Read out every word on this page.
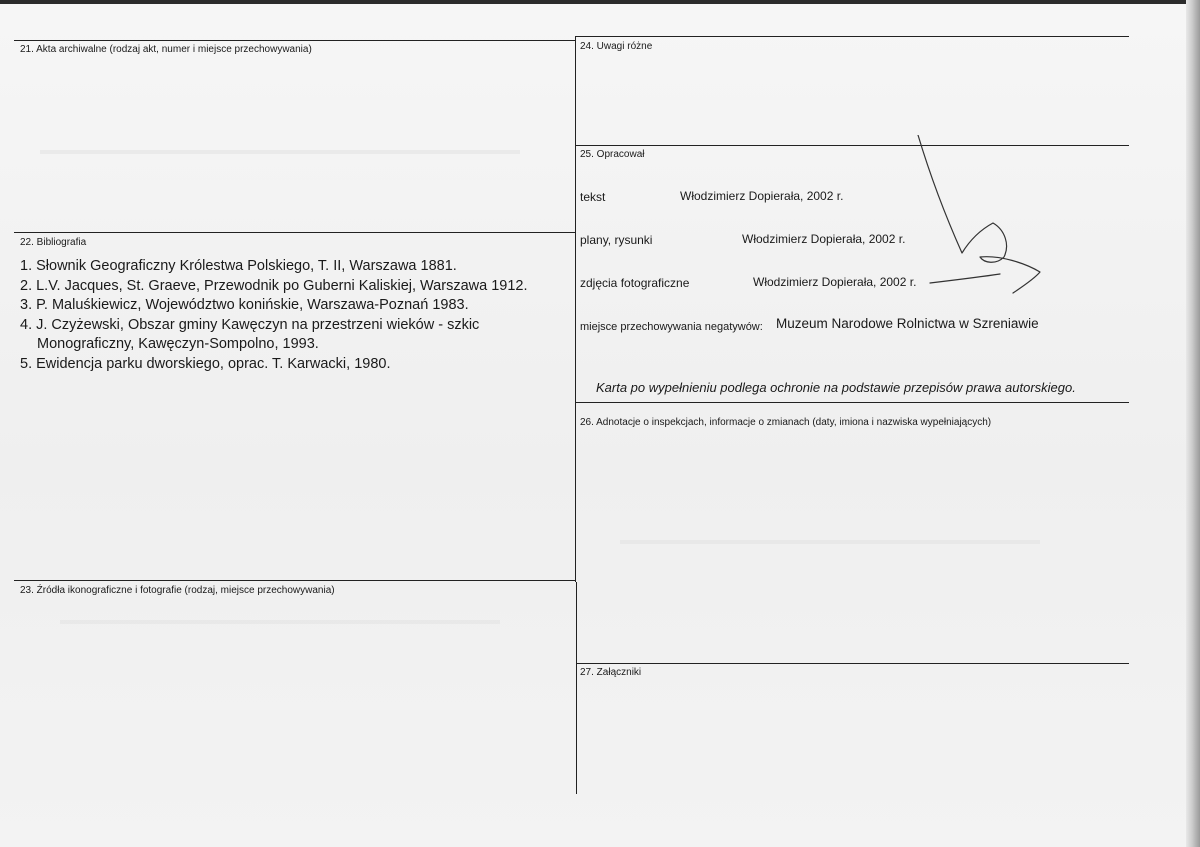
21. Akta archiwalne (rodzaj akt, numer i miejsce przechowywania)
22. Bibliografia
1. Słownik Geograficzny Królestwa Polskiego, T. II, Warszawa 1881.
2. L.V. Jacques, St. Graeve, Przewodnik po Guberni Kaliskiej, Warszawa 1912.
3. P. Maluśkiewicz, Województwo konińskie, Warszawa-Poznań 1983.
4. J. Czyżewski, Obszar gminy Kawęczyn na przestrzeni wieków - szkic
Monograficzny, Kawęczyn-Sompolno, 1993.
5. Ewidencja parku dworskiego, oprac. T. Karwacki, 1980.
23. Źródła ikonograficzne i fotografie (rodzaj, miejsce przechowywania)
24. Uwagi różne
25. Opracował
tekst	Włodzimierz Dopierała, 2002 r.
plany, rysunki	Włodzimierz Dopierała, 2002 r.
zdjęcia fotograficzne	Włodzimierz Dopierała, 2002 r.
miejsce przechowywania negatywów: Muzeum Narodowe Rolnictwa w Szreniawie
Karta po wypełnieniu podlega ochronie na podstawie przepisów prawa autorskiego.
26. Adnotacje o inspekcjach, informacje o zmianach (daty, imiona i nazwiska wypełniających)
27. Załączniki
